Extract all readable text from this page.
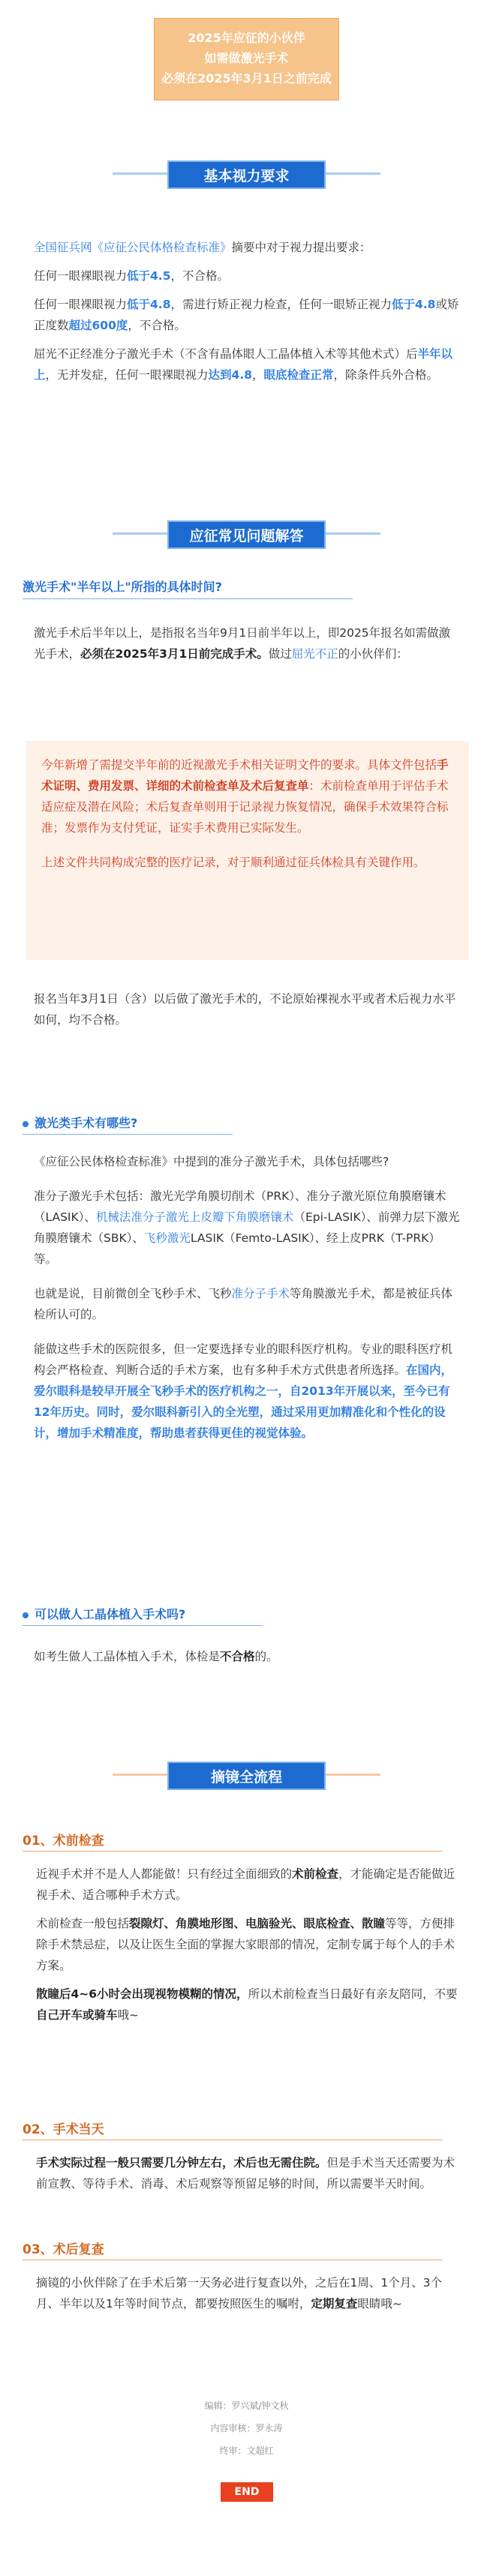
2025年应征的小伙伴
如需做激光手术
必须在2025年3月1日之前完成
基本视力要求

全国征兵网《应征公民体格检查标准》摘要中对于视力提出要求：

任何一眼裸眼视力低于4.5，不合格。

任何一眼裸眼视力低于4.8，需进行矫正视力检查，任何一眼矫正视力低于4.8或矫正度数超过600度，不合格。

屈光不正经准分子激光手术（不含有晶体眼人工晶体植入术等其他术式）后半年以上，无并发症，任何一眼裸眼视力达到4.8，眼底检查正常，除条件兵外合格。

应征常见问题解答
激光手术"半年以上"所指的具体时间?

激光手术后半年以上，是指报名当年9月1日前半年以上，即2025年报名如需做激光手术，必须在2025年3月1日前完成手术。做过屈光不正的小伙伴们：

今年新增了需提交半年前的近视激光手术相关证明文件的要求。具体文件包括手术证明、费用发票、详细的术前检查单及术后复查单：术前检查单用于评估手术适应症及潜在风险；术后复查单则用于记录视力恢复情况，确保手术效果符合标准；发票作为支付凭证，证实手术费用已实际发生。

上述文件共同构成完整的医疗记录，对于顺利通过征兵体检具有关键作用。

报名当年3月1日（含）以后做了激光手术的，不论原始裸视水平或者术后视力水平如何，均不合格。

激光类手术有哪些?

《应征公民体格检查标准》中提到的准分子激光手术，具体包括哪些?

准分子激光手术包括：激光光学角膜切削术（PRK）、准分子激光原位角膜磨镶术（LASIK）、机械法准分子激光上皮瓣下角膜磨镶术（Epi-LASIK）、前弹力层下激光角膜磨镶术（SBK）、飞秒激光LASIK（Femto-LASIK）、经上皮PRK（T-PRK）等。

也就是说，目前微创全飞秒手术、飞秒准分子手术等角膜激光手术，都是被征兵体检所认可的。

能做这些手术的医院很多，但一定要选择专业的眼科医疗机构。专业的眼科医疗机构会严格检查、判断合适的手术方案，也有多种手术方式供患者所选择。在国内，爱尔眼科是较早开展全飞秒手术的医疗机构之一，自2013年开展以来，至今已有12年历史。同时，爱尔眼科新引入的全光塑，通过采用更加精准化和个性化的设计，增加手术精准度，帮助患者获得更佳的视觉体验。

可以做人工晶体植入手术吗?

如考生做人工晶体植入手术，体检是不合格的。

摘镜全流程
01、术前检查

近视手术并不是人人都能做！只有经过全面细致的术前检查，才能确定是否能做近视手术、适合哪种手术方式。

术前检查一般包括裂隙灯、角膜地形图、电脑验光、眼底检查、散瞳等等，方便排除手术禁忌症，以及让医生全面的掌握大家眼部的情况，定制专属于每个人的手术方案。

散瞳后4~6小时会出现视物模糊的情况，所以术前检查当日最好有亲友陪同，不要自己开车或骑车哦~

02、手术当天

手术实际过程一般只需要几分钟左右，术后也无需住院。但是手术当天还需要为术前宣教、等待手术、消毒、术后观察等预留足够的时间，所以需要半天时间。

03、术后复查

摘镜的小伙伴除了在手术后第一天务必进行复查以外，之后在1周、1个月、3个月、半年以及1年等时间节点，都要按照医生的嘱咐，定期复查眼睛哦~

编辑：罗兴斌/钟文秋
内容审核：罗永涛
终审：文超红
END
